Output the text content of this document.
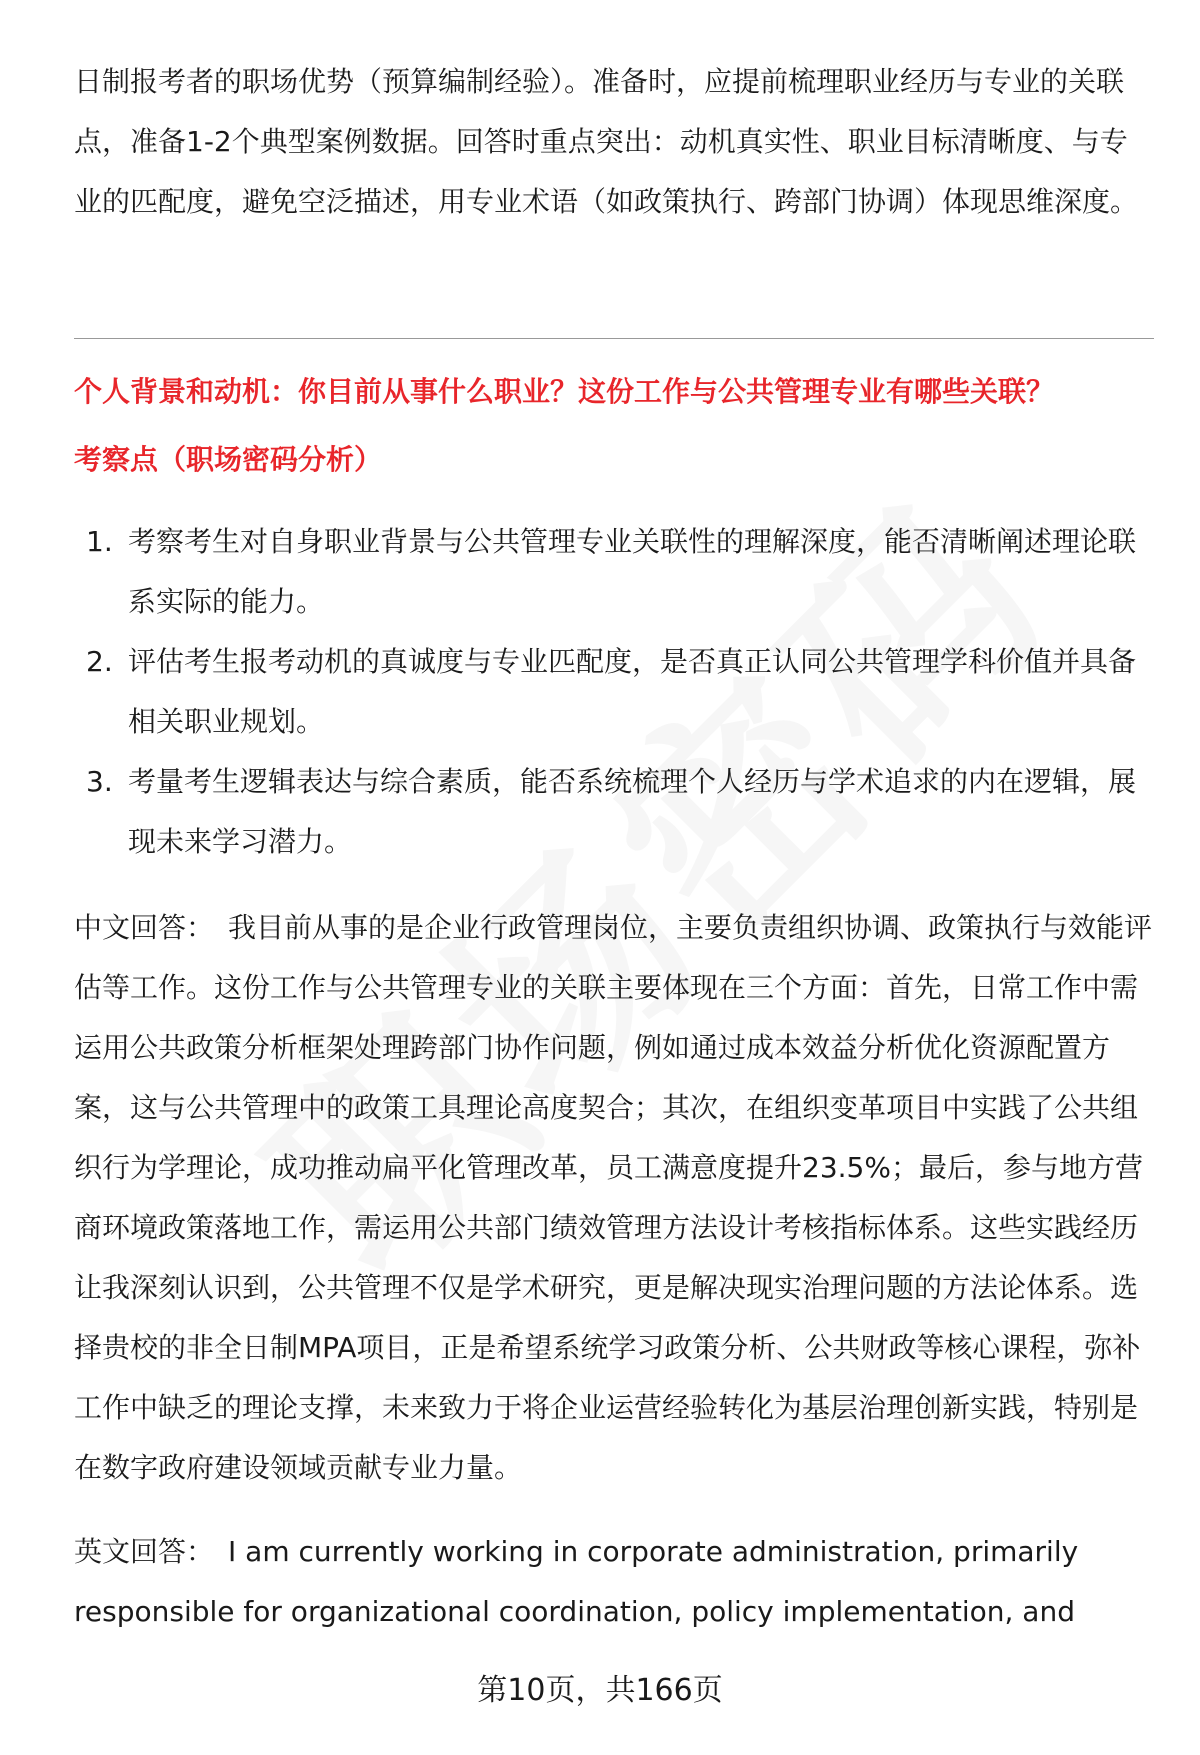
日制报考者的职场优势（预算编制经验）。准备时，应提前梳理职业经历与专业的关联点，准备1-2个典型案例数据。回答时重点突出：动机真实性、职业目标清晰度、与专业的匹配度，避免空泛描述，用专业术语（如政策执行、跨部门协调）体现思维深度。

个人背景和动机：你目前从事什么职业？这份工作与公共管理专业有哪些关联？

考察点（职场密码分析）

1. 考察考生对自身职业背景与公共管理专业关联性的理解深度，能否清晰阐述理论联系实际的能力。
2. 评估考生报考动机的真诚度与专业匹配度，是否真正认同公共管理学科价值并具备相关职业规划。
3. 考量考生逻辑表达与综合素质，能否系统梳理个人经历与学术追求的内在逻辑，展现未来学习潜力。

中文回答： 我目前从事的是企业行政管理岗位，主要负责组织协调、政策执行与效能评估等工作。这份工作与公共管理专业的关联主要体现在三个方面：首先，日常工作中需运用公共政策分析框架处理跨部门协作问题，例如通过成本效益分析优化资源配置方案，这与公共管理中的政策工具理论高度契合；其次，在组织变革项目中实践了公共组织行为学理论，成功推动扁平化管理改革，员工满意度提升23.5%；最后，参与地方营商环境政策落地工作，需运用公共部门绩效管理方法设计考核指标体系。这些实践经历让我深刻认识到，公共管理不仅是学术研究，更是解决现实治理问题的方法论体系。选择贵校的非全日制MPA项目，正是希望系统学习政策分析、公共财政等核心课程，弥补工作中缺乏的理论支撑，未来致力于将企业运营经验转化为基层治理创新实践，特别是在数字政府建设领域贡献专业力量。

英文回答： I am currently working in corporate administration, primarily responsible for organizational coordination, policy implementation, and

第10页，共166页
